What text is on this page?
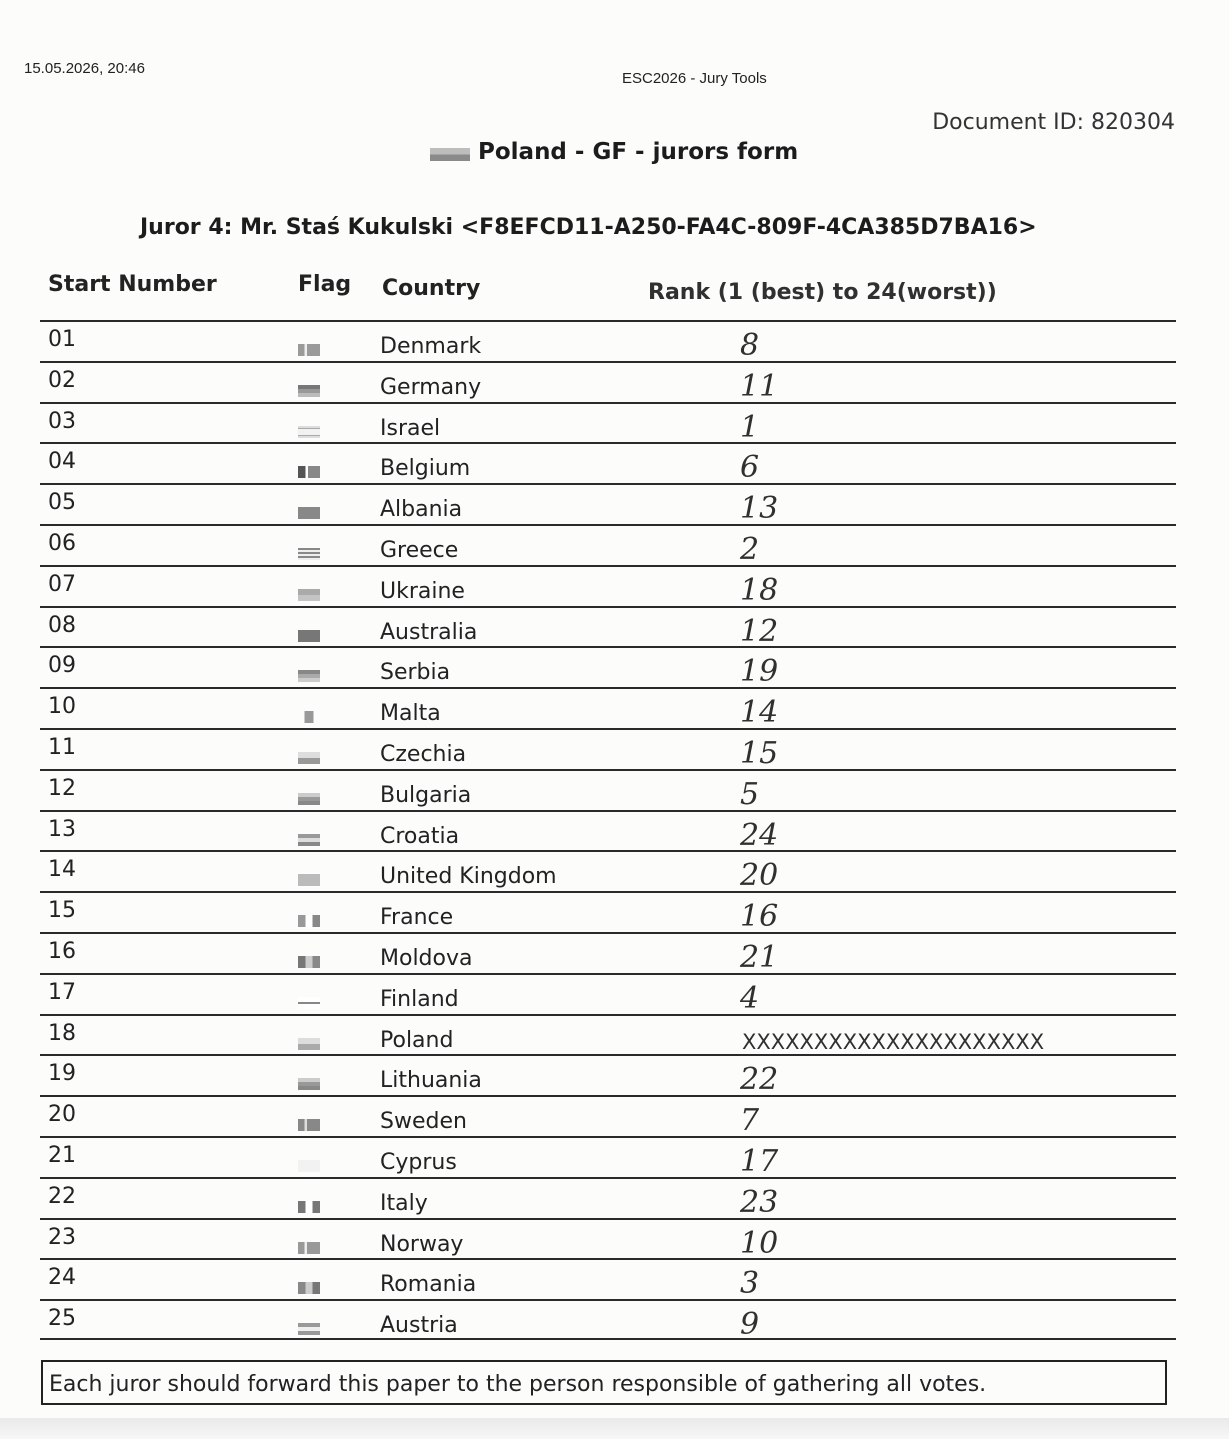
15.05.2026, 20:46
ESC2026 - Jury Tools
Document ID: 820304
Poland - GF - jurors form
Juror 4: Mr. Staś Kukulski <F8EFCD11-A250-FA4C-809F-4CA385D7BA16>
Start Number	Flag Country	Rank (1 (best) to 24(worst))
01	Denmark	8
02	Germany	11
03	Israel	1
04	Belgium	6
05	Albania	13
06	Greece	2
07	Ukraine	18
08	Australia	12
09	Serbia	19
10	Malta	14
11	Czechia	15
12	Bulgaria	5
13	Croatia	24
14	United Kingdom	20
15	France	16
16	Moldova	21
17	Finland	4
18	Poland	XXXXXXXXXXXXXXXXXXXXX
19	Lithuania	22
20	Sweden	7
21	Cyprus	17
22	Italy	23
23	Norway	10
24	Romania	3
25	Austria	9
Each juror should forward this paper to the person responsible of gathering all votes.
